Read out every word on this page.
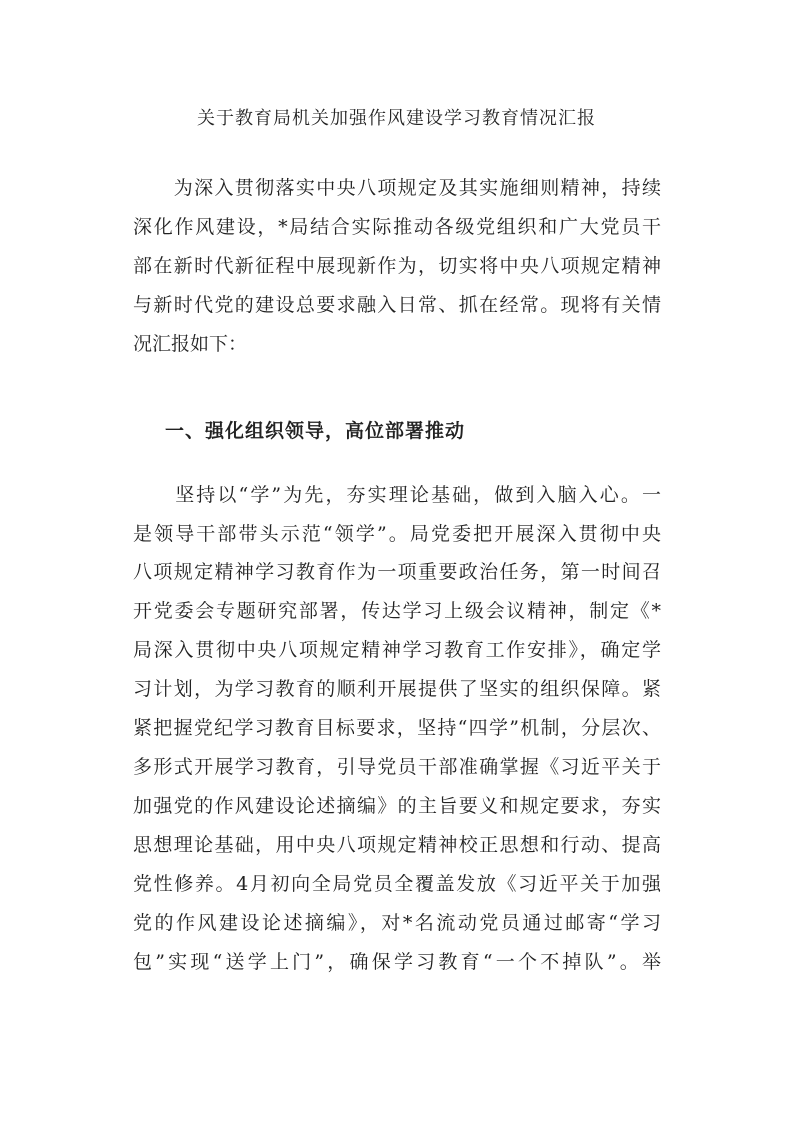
关于教育局机关加强作风建设学习教育情况汇报
　　为深入贯彻落实中央八项规定及其实施细则精神，持续
深化作风建设，*局结合实际推动各级党组织和广大党员干
部在新时代新征程中展现新作为，切实将中央八项规定精神
与新时代党的建设总要求融入日常、抓在经常。现将有关情
况汇报如下：
一、强化组织领导，高位部署推动
　　坚持以“学”为先，夯实理论基础，做到入脑入心。一
是领导干部带头示范“领学”。局党委把开展深入贯彻中央
八项规定精神学习教育作为一项重要政治任务，第一时间召
开党委会专题研究部署，传达学习上级会议精神，制定《*
局深入贯彻中央八项规定精神学习教育工作安排》，确定学
习计划，为学习教育的顺利开展提供了坚实的组织保障。紧
紧把握党纪学习教育目标要求，坚持“四学”机制，分层次、
多形式开展学习教育，引导党员干部准确掌握《习近平关于
加强党的作风建设论述摘编》的主旨要义和规定要求，夯实
思想理论基础，用中央八项规定精神校正思想和行动、提高
党性修养。4月初向全局党员全覆盖发放《习近平关于加强
党的作风建设论述摘编》，对*名流动党员通过邮寄“学习
包”实现“送学上门”，确保学习教育“一个不掉队”。举
